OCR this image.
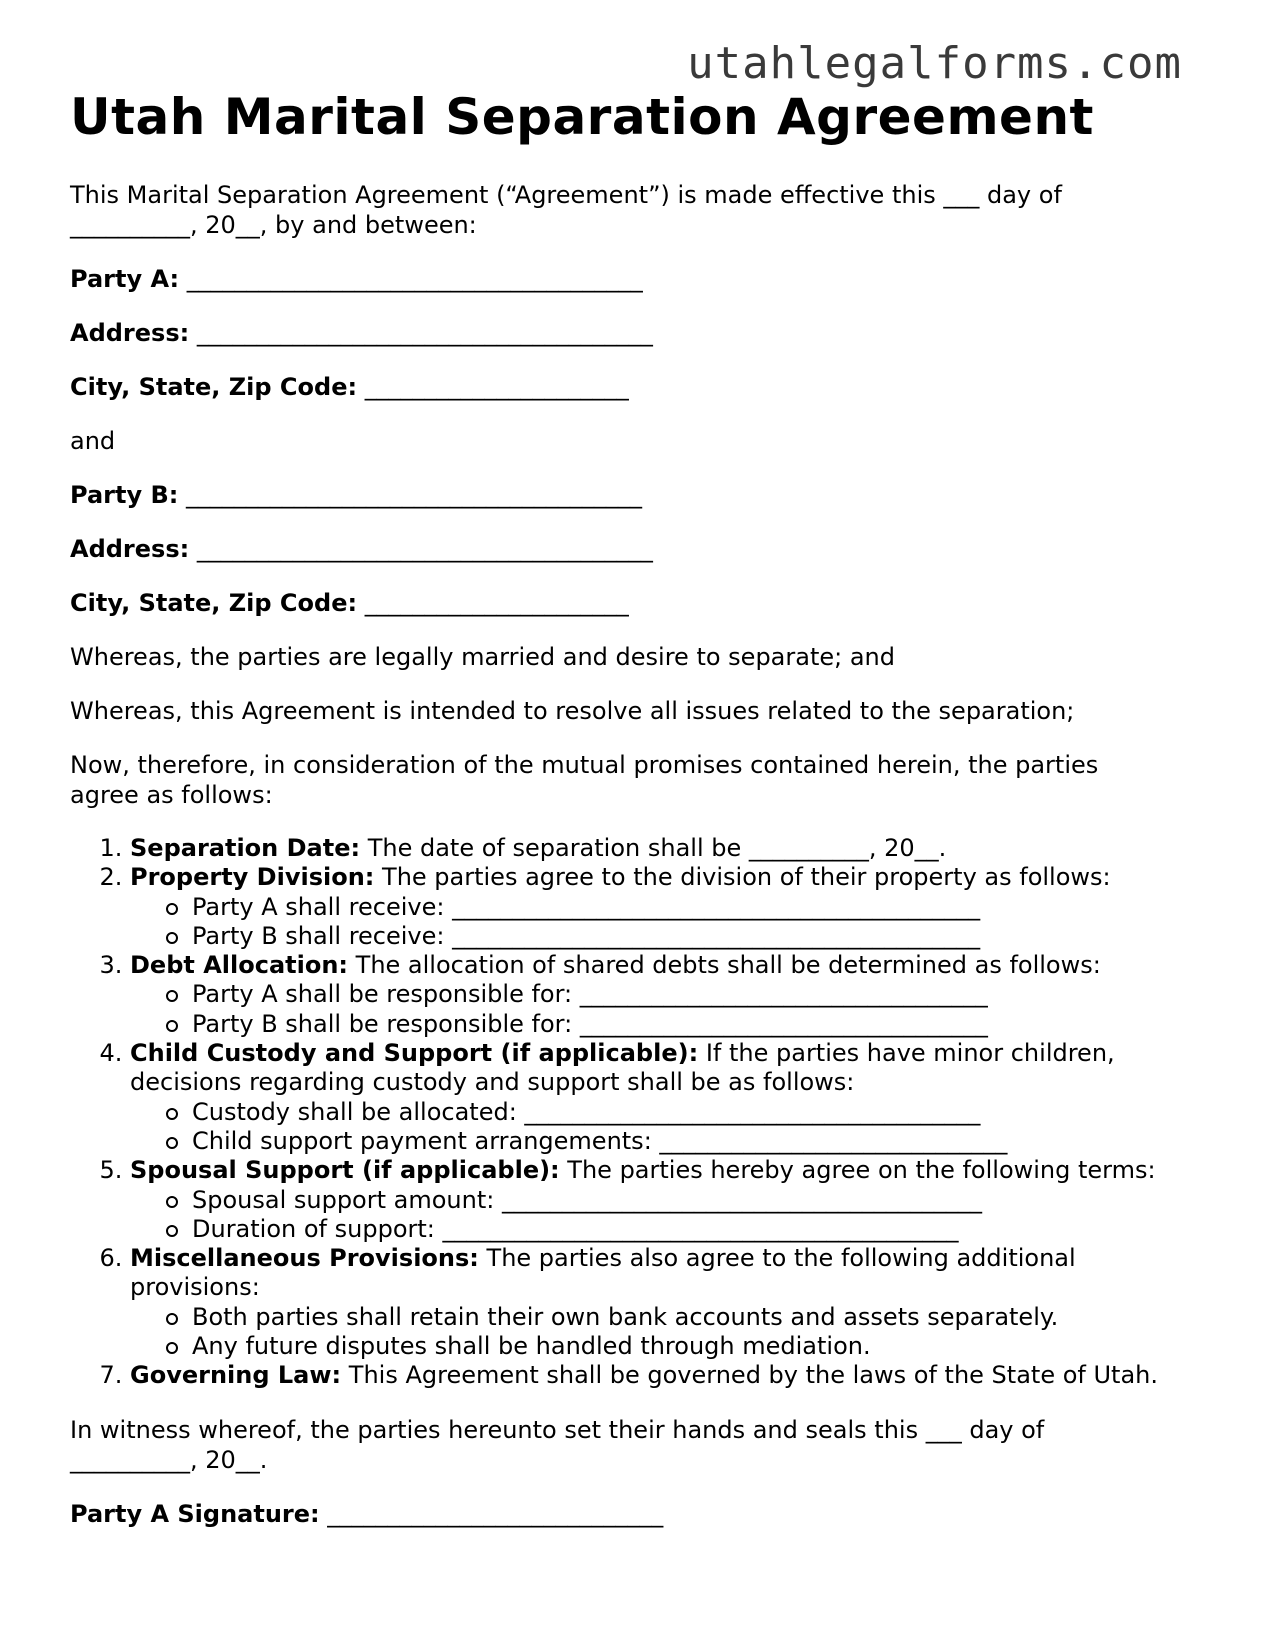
utahlegalforms.com
Utah Marital Separation Agreement

This Marital Separation Agreement (“Agreement”) is made effective this ___ day of
__________, 20__, by and between:

Party A: ______________________________________

Address: ______________________________________

City, State, Zip Code: ______________________

and

Party B: ______________________________________

Address: ______________________________________

City, State, Zip Code: ______________________

Whereas, the parties are legally married and desire to separate; and

Whereas, this Agreement is intended to resolve all issues related to the separation;

Now, therefore, in consideration of the mutual promises contained herein, the parties
agree as follows:

1. Separation Date: The date of separation shall be __________, 20__.
2. Property Division: The parties agree to the division of their property as follows:
Party A shall receive: ____________________________________________
Party B shall receive: ____________________________________________
3. Debt Allocation: The allocation of shared debts shall be determined as follows:
Party A shall be responsible for: __________________________________
Party B shall be responsible for: __________________________________
4. Child Custody and Support (if applicable): If the parties have minor children, decisions regarding custody and support shall be as follows:
Custody shall be allocated: ______________________________________
Child support payment arrangements: _____________________________
5. Spousal Support (if applicable): The parties hereby agree on the following terms:
Spousal support amount: ________________________________________
Duration of support: ___________________________________________
6. Miscellaneous Provisions: The parties also agree to the following additional provisions:
Both parties shall retain their own bank accounts and assets separately.
Any future disputes shall be handled through mediation.
7. Governing Law: This Agreement shall be governed by the laws of the State of Utah.

In witness whereof, the parties hereunto set their hands and seals this ___ day of
__________, 20__.

Party A Signature: ____________________________
